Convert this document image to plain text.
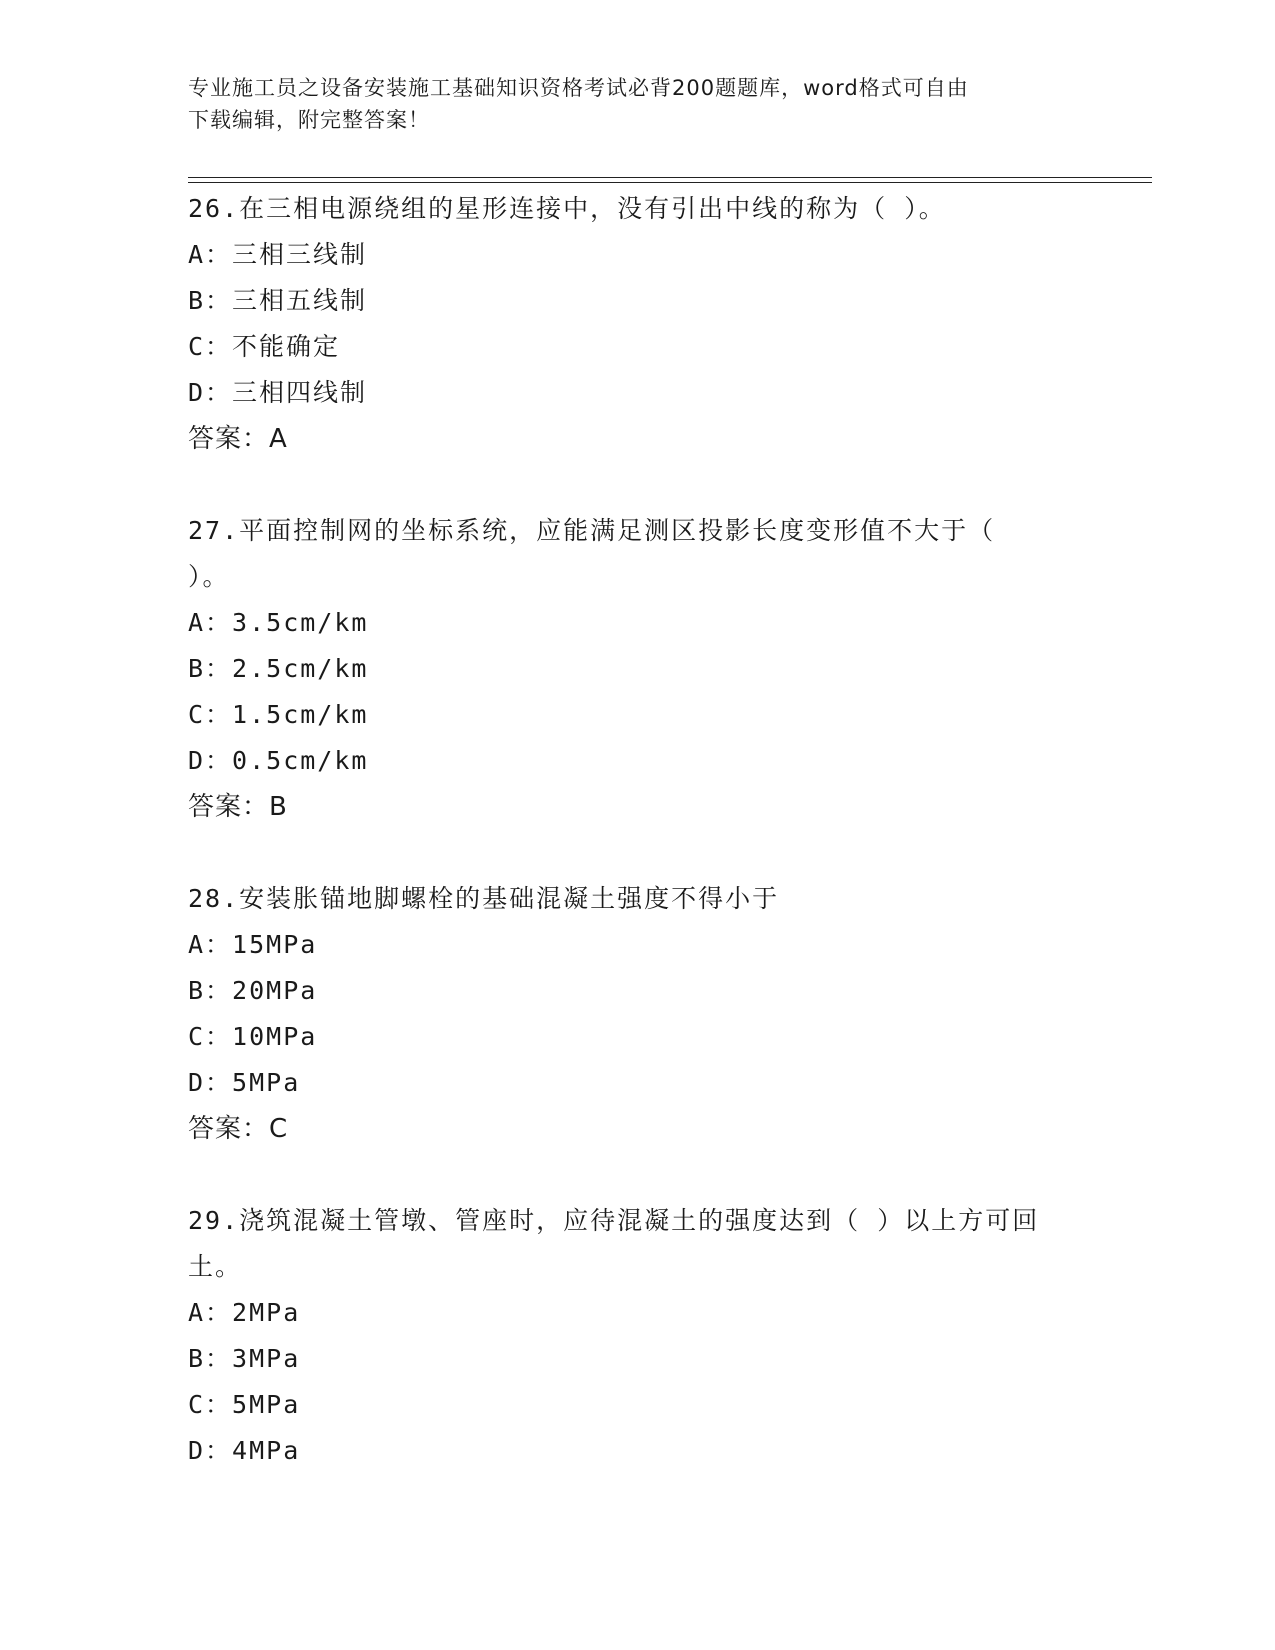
专业施工员之设备安装施工基础知识资格考试必背200题题库，word格式可自由
下载编辑，附完整答案！
26.在三相电源绕组的星形连接中，没有引出中线的称为（ ）。
A：三相三线制
B：三相五线制
C：不能确定
D：三相四线制
答案：A
27.平面控制网的坐标系统，应能满足测区投影长度变形值不大于（ ）。
A：3.5cm/km
B：2.5cm/km
C：1.5cm/km
D：0.5cm/km
答案：B
28.安装胀锚地脚螺栓的基础混凝土强度不得小于
A：15MPa
B：20MPa
C：10MPa
D：5MPa
答案：C
29.浇筑混凝土管墩、管座时，应待混凝土的强度达到（ ）以上方可回土。
A：2MPa
B：3MPa
C：5MPa
D：4MPa
